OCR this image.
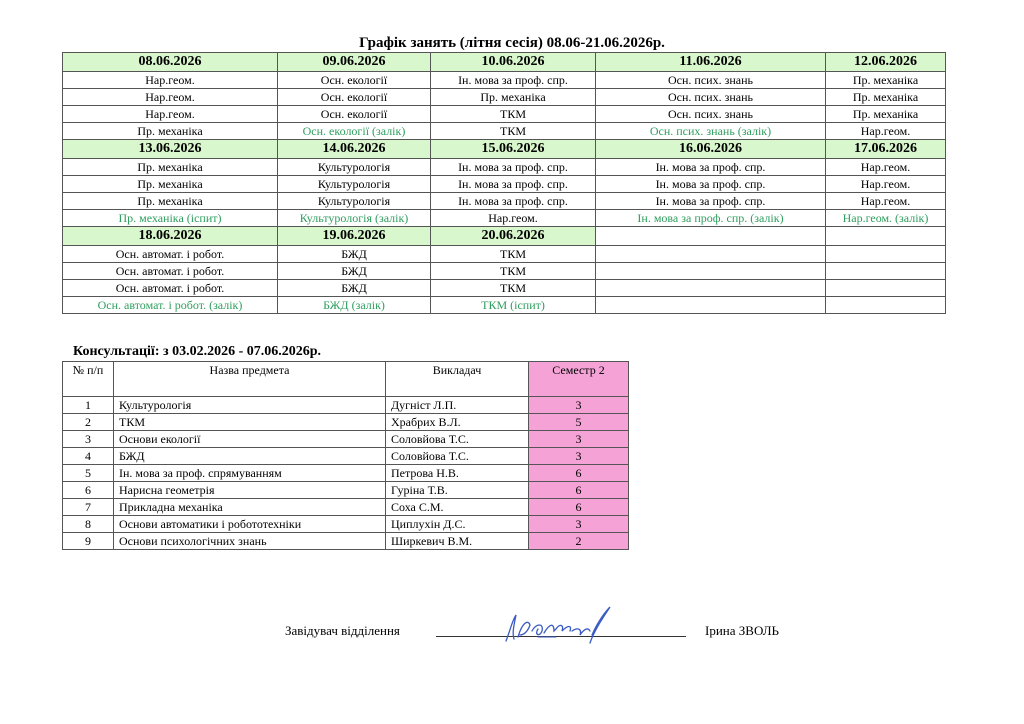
Графік занять (літня сесія) 08.06-21.06.2026р.
08.06.2026	09.06.2026	10.06.2026	11.06.2026	12.06.2026
Нар.геом.	Осн. екології	Ін. мова за проф. спр.	Осн. псих. знань	Пр. механіка
Нар.геом.	Осн. екології	Пр. механіка	Осн. псих. знань	Пр. механіка
Нар.геом.	Осн. екології	ТКМ	Осн. псих. знань	Пр. механіка
Пр. механіка	Осн. екології (залік)	ТКМ	Осн. псих. знань (залік)	Нар.геом.
13.06.2026	14.06.2026	15.06.2026	16.06.2026	17.06.2026
Пр. механіка	Культурологія	Ін. мова за проф. спр.	Ін. мова за проф. спр.	Нар.геом.
Пр. механіка	Культурологія	Ін. мова за проф. спр.	Ін. мова за проф. спр.	Нар.геом.
Пр. механіка	Культурологія	Ін. мова за проф. спр.	Ін. мова за проф. спр.	Нар.геом.
Пр. механіка (іспит)	Культурологія (залік)	Нар.геом.	Ін. мова за проф. спр. (залік)	Нар.геом. (залік)
18.06.2026	19.06.2026	20.06.2026		
Осн. автомат. і робот.	БЖД	ТКМ		
Осн. автомат. і робот.	БЖД	ТКМ		
Осн. автомат. і робот.	БЖД	ТКМ		
Осн. автомат. і робот. (залік)	БЖД (залік)	ТКМ (іспит)		
Консультації: з 03.02.2026 - 07.06.2026р.
№ п/п	Назва предмета	Викладач	Семестр 2
1	Культурологія	Дугніст Л.П.	3
2	ТКМ	Храбрих В.Л.	5
3	Основи екології	Соловйова Т.С.	3
4	БЖД	Соловйова Т.С.	3
5	Ін. мова за проф. спрямуванням	Петрова Н.В.	6
6	Нарисна геометрія	Гуріна Т.В.	6
7	Прикладна механіка	Соха С.М.	6
8	Основи автоматики і робототехніки	Циплухін Д.С.	3
9	Основи психологічних знань	Ширкевич В.М.	2
Завідувач відділення	Ірина ЗВОЛЬ
